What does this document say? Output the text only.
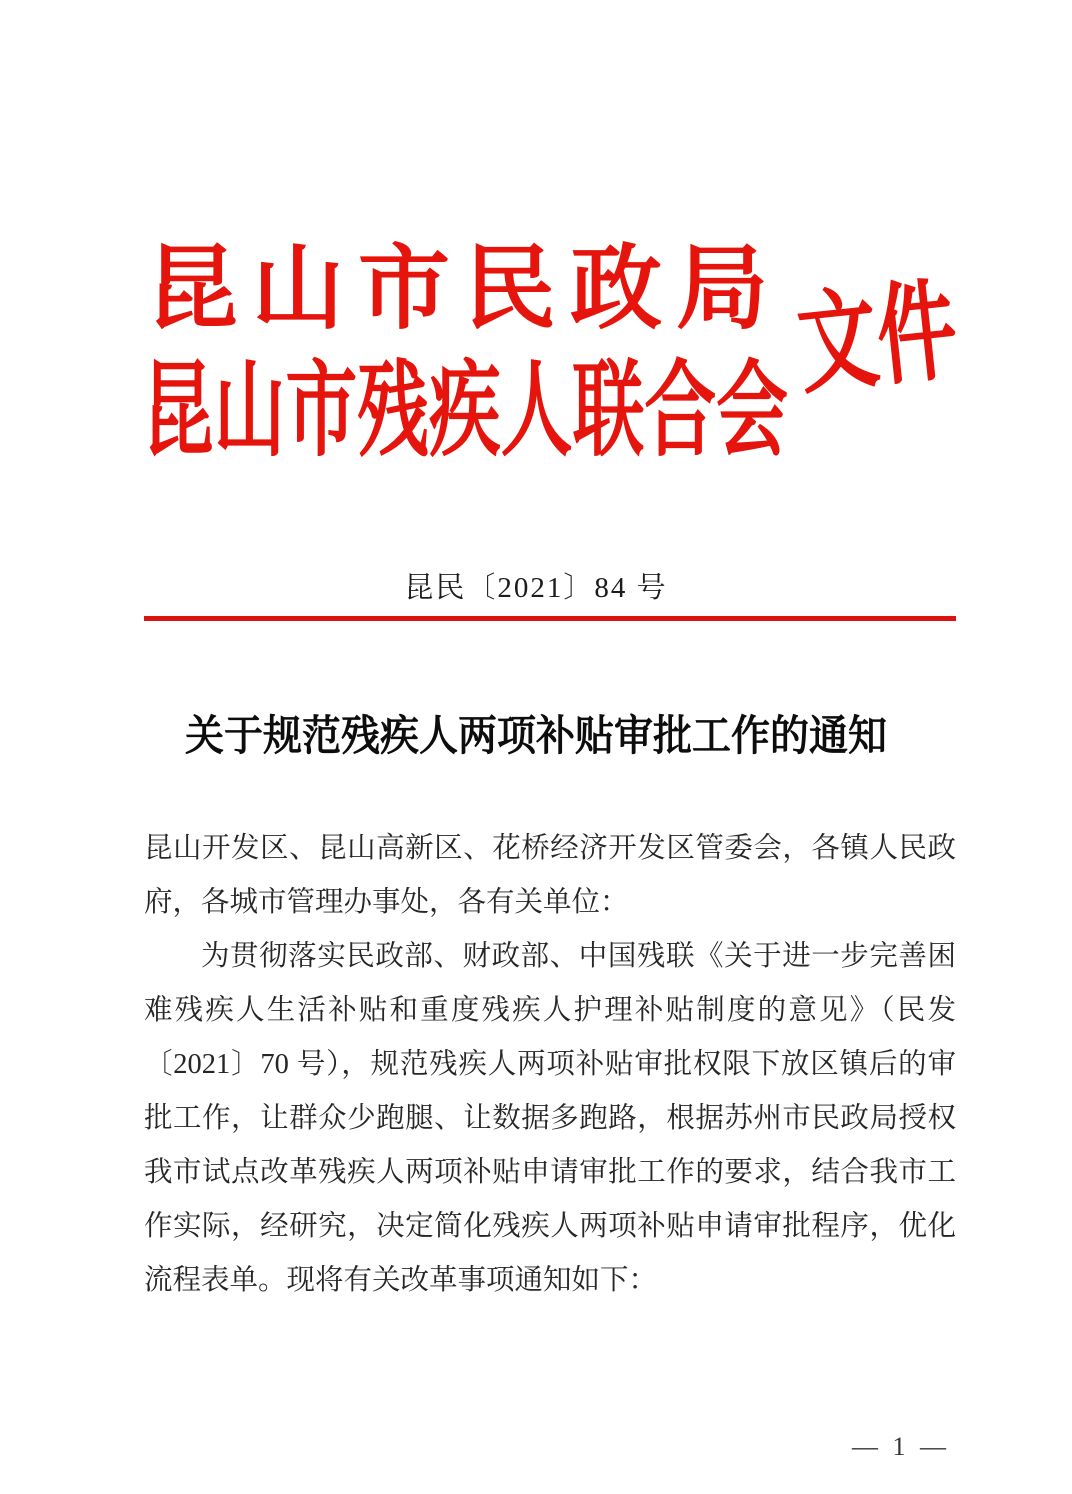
昆山市民政局
昆山市残疾人联合会
文件
昆民〔2021〕84 号
关于规范残疾人两项补贴审批工作的通知

昆山开发区、昆山高新区、花桥经济开发区管委会，各镇人民政府，各城市管理办事处，各有关单位：

为贯彻落实民政部、财政部、中国残联《关于进一步完善困难残疾人生活补贴和重度残疾人护理补贴制度的意见》（民发〔2021〕70 号），规范残疾人两项补贴审批权限下放区镇后的审批工作，让群众少跑腿、让数据多跑路，根据苏州市民政局授权我市试点改革残疾人两项补贴申请审批工作的要求，结合我市工作实际，经研究，决定简化残疾人两项补贴申请审批程序，优化流程表单。现将有关改革事项通知如下：

— 1 —
